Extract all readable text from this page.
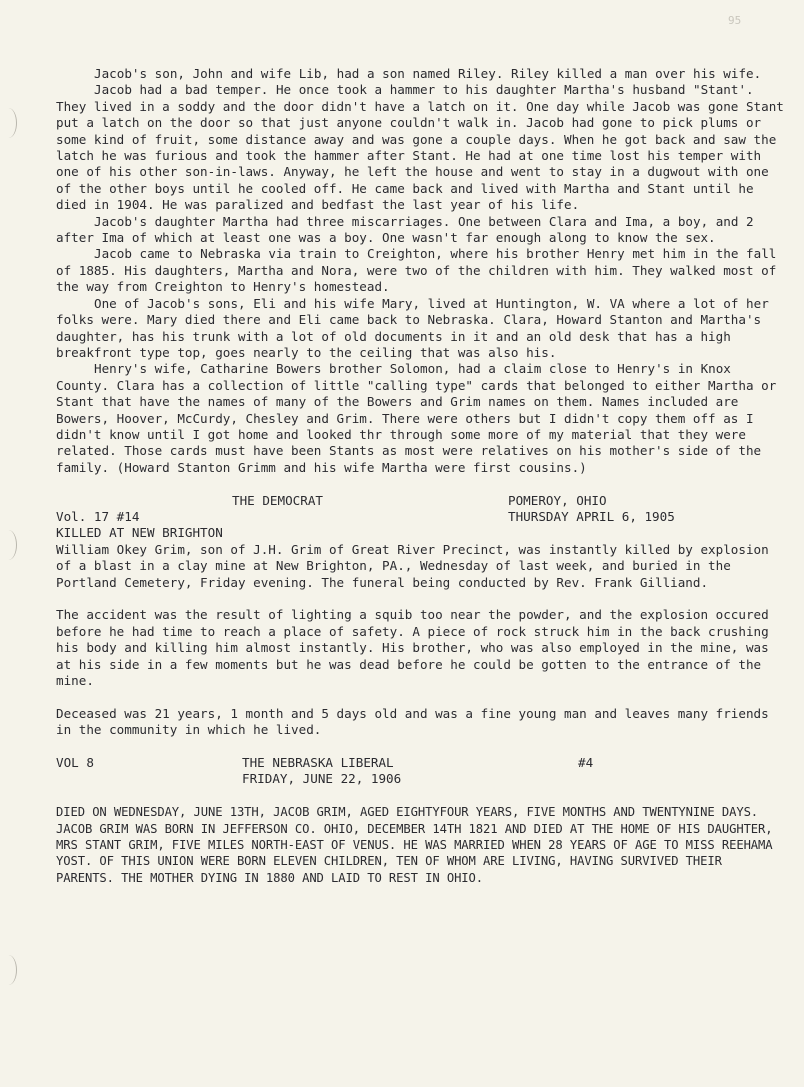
95

Jacob's son, John and wife Lib, had a son named Riley. Riley killed a man over his wife.

Jacob had a bad temper. He once took a hammer to his daughter Martha's husband "Stant'. They lived in a soddy and the door didn't have a latch on it. One day while Jacob was gone Stant put a latch on the door so that just anyone couldn't walk in. Jacob had gone to pick plums or some kind of fruit, some distance away and was gone a couple days. When he got back and saw the latch he was furious and took the hammer after Stant. He had at one time lost his temper with one of his other son-in-laws. Anyway, he left the house and went to stay in a dugwout with one of the other boys until he cooled off. He came back and lived with Martha and Stant until he died in 1904. He was paralized and bedfast the last year of his life.

Jacob's daughter Martha had three miscarriages. One between Clara and Ima, a boy, and 2 after Ima of which at least one was a boy. One wasn't far enough along to know the sex.

Jacob came to Nebraska via train to Creighton, where his brother Henry met him in the fall of 1885. His daughters, Martha and Nora, were two of the children with him. They walked most of the way from Creighton to Henry's homestead.

One of Jacob's sons, Eli and his wife Mary, lived at Huntington, W. VA where a lot of her folks were. Mary died there and Eli came back to Nebraska. Clara, Howard Stanton and Martha's daughter, has his trunk with a lot of old documents in it and an old desk that has a high breakfront type top, goes nearly to the ceiling that was also his.

Henry's wife, Catharine Bowers brother Solomon, had a claim close to Henry's in Knox County. Clara has a collection of little "calling type" cards that belonged to either Martha or Stant that have the names of many of the Bowers and Grim names on them. Names included are Bowers, Hoover, McCurdy, Chesley and Grim. There were others but I didn't copy them off as I didn't know until I got home and looked thr through some more of my material that they were related. Those cards must have been Stants as most were relatives on his mother's side of the family. (Howard Stanton Grimm and his wife Martha were first cousins.)

THE DEMOCRAT	POMEROY, OHIO
Vol. 17 #14	THURSDAY APRIL 6, 1905

KILLED AT NEW BRIGHTON

William Okey Grim, son of J.H. Grim of Great River Precinct, was instantly killed by explosion of a blast in a clay mine at New Brighton, PA., Wednesday of last week, and buried in the Portland Cemetery, Friday evening. The funeral being conducted by Rev. Frank Gilliand.

The accident was the result of lighting a squib too near the powder, and the explosion occured before he had time to reach a place of safety. A piece of rock struck him in the back crushing his body and killing him almost instantly. His brother, who was also employed in the mine, was at his side in a few moments but he was dead before he could be gotten to the entrance of the mine.

Deceased was 21 years, 1 month and 5 days old and was a fine young man and leaves many friends in the community in which he lived.

VOL 8	THE NEBRASKA LIBERAL	#4
FRIDAY, JUNE 22, 1906

DIED ON WEDNESDAY, JUNE 13TH, JACOB GRIM, AGED EIGHTYFOUR YEARS, FIVE MONTHS AND TWENTYNINE DAYS. JACOB GRIM WAS BORN IN JEFFERSON CO. OHIO, DECEMBER 14TH 1821 AND DIED AT THE HOME OF HIS DAUGHTER, MRS STANT GRIM, FIVE MILES NORTH-EAST OF VENUS. HE WAS MARRIED WHEN 28 YEARS OF AGE TO MISS REEHAMA YOST. OF THIS UNION WERE BORN ELEVEN CHILDREN, TEN OF WHOM ARE LIVING, HAVING SURVIVED THEIR PARENTS. THE MOTHER DYING IN 1880 AND LAID TO REST IN OHIO.
